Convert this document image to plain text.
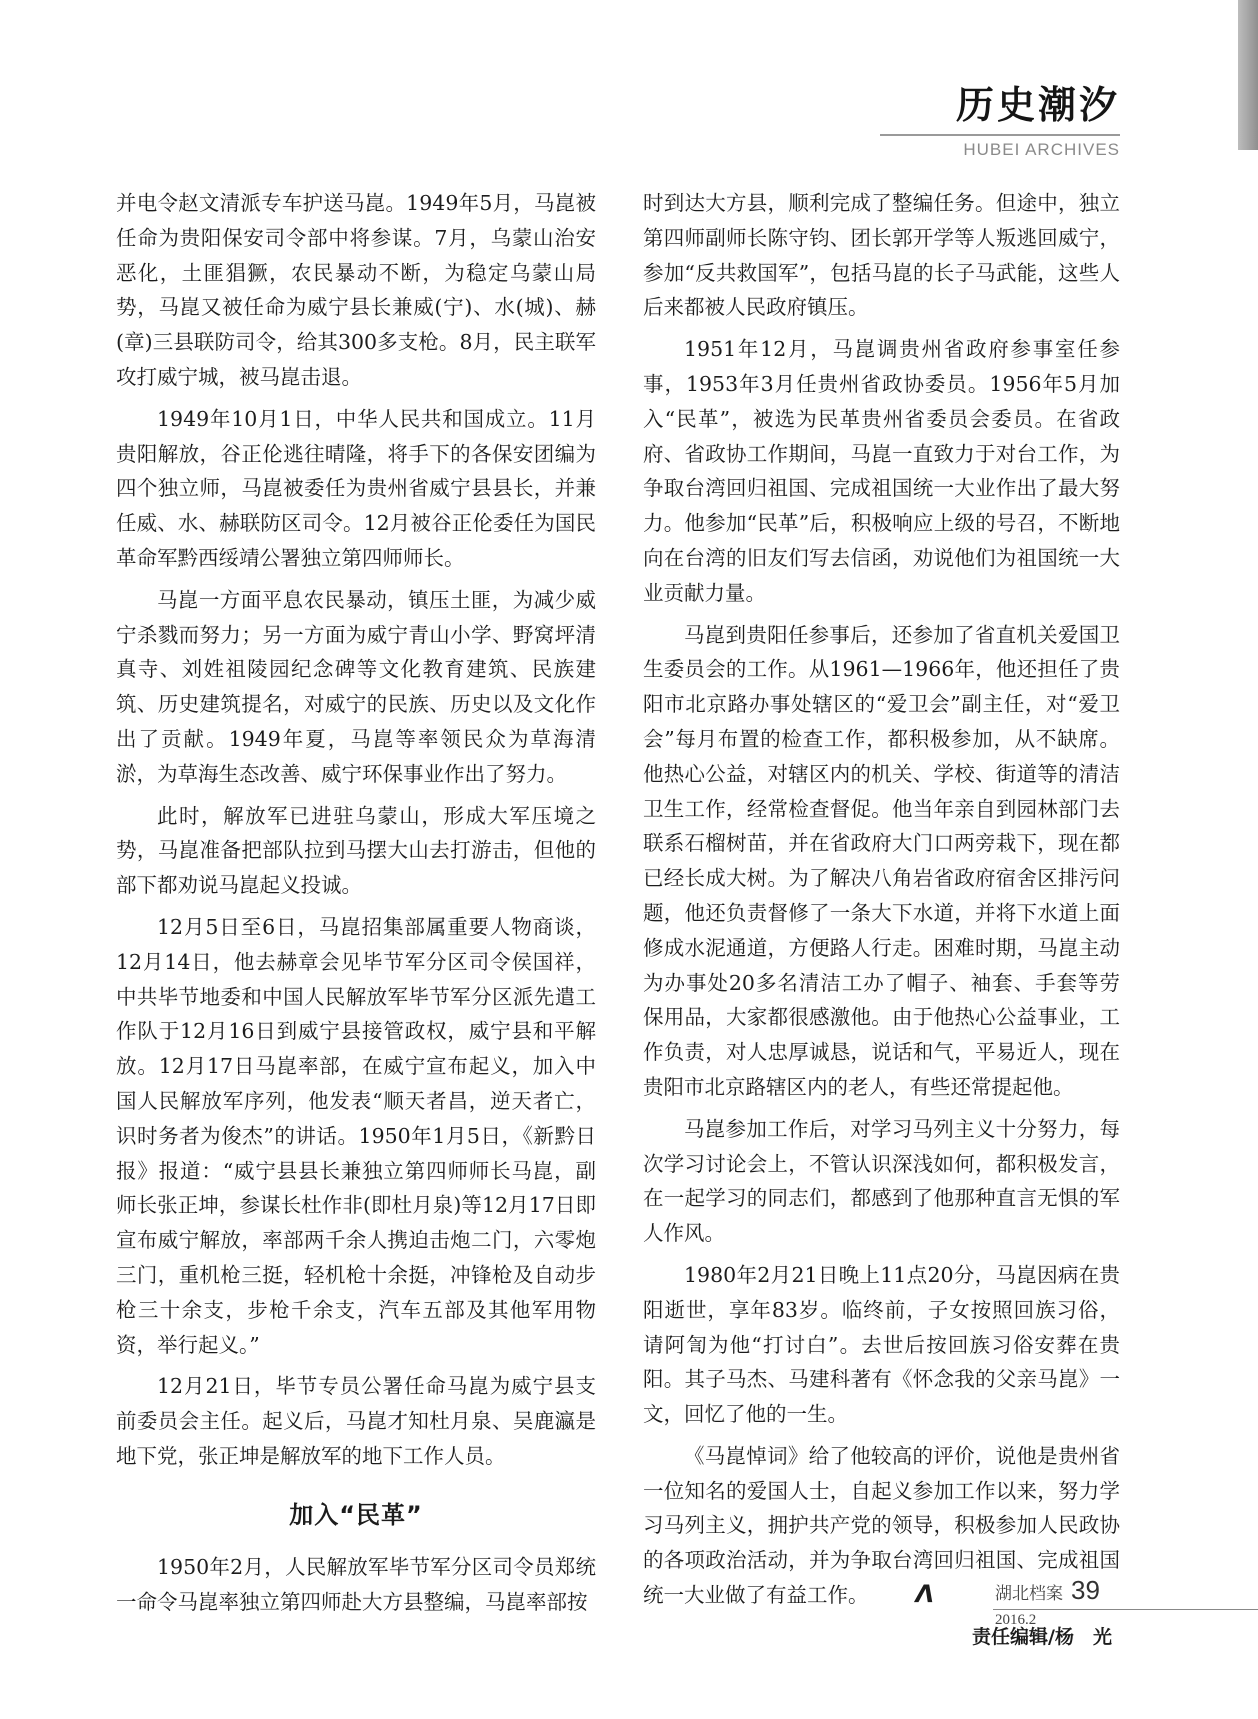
历史潮汐
HUBEI ARCHIVES

并电令赵文清派专车护送马崑。1949年5月，马崑被任命为贵阳保安司令部中将参谋。7月，乌蒙山治安恶化，土匪猖獗，农民暴动不断，为稳定乌蒙山局势，马崑又被任命为威宁县长兼威(宁)、水(城)、赫(章)三县联防司令，给其300多支枪。8月，民主联军攻打威宁城，被马崑击退。

1949年10月1日，中华人民共和国成立。11月贵阳解放，谷正伦逃往晴隆，将手下的各保安团编为四个独立师，马崑被委任为贵州省威宁县县长，并兼任威、水、赫联防区司令。12月被谷正伦委任为国民革命军黔西绥靖公署独立第四师师长。

马崑一方面平息农民暴动，镇压土匪，为减少威宁杀戮而努力；另一方面为威宁青山小学、野窝坪清真寺、刘姓祖陵园纪念碑等文化教育建筑、民族建筑、历史建筑提名，对威宁的民族、历史以及文化作出了贡献。1949年夏，马崑等率领民众为草海清淤，为草海生态改善、威宁环保事业作出了努力。

此时，解放军已进驻乌蒙山，形成大军压境之势，马崑准备把部队拉到马摆大山去打游击，但他的部下都劝说马崑起义投诚。

12月5日至6日，马崑招集部属重要人物商谈，12月14日，他去赫章会见毕节军分区司令侯国祥，中共毕节地委和中国人民解放军毕节军分区派先遣工作队于12月16日到威宁县接管政权，威宁县和平解放。12月17日马崑率部，在威宁宣布起义，加入中国人民解放军序列，他发表“顺天者昌，逆天者亡，识时务者为俊杰”的讲话。1950年1月5日，《新黔日报》报道：“威宁县县长兼独立第四师师长马崑，副师长张正坤，参谋长杜作非(即杜月泉)等12月17日即宣布威宁解放，率部两千余人携迫击炮二门，六零炮三门，重机枪三挺，轻机枪十余挺，冲锋枪及自动步枪三十余支，步枪千余支，汽车五部及其他军用物资，举行起义。”

12月21日，毕节专员公署任命马崑为威宁县支前委员会主任。起义后，马崑才知杜月泉、吴鹿瀛是地下党，张正坤是解放军的地下工作人员。

加入“民革”

1950年2月，人民解放军毕节军分区司令员郑统一命令马崑率独立第四师赴大方县整编，马崑率部按

时到达大方县，顺利完成了整编任务。但途中，独立第四师副师长陈守钧、团长郭开学等人叛逃回威宁，参加“反共救国军”，包括马崑的长子马武能，这些人后来都被人民政府镇压。

1951年12月，马崑调贵州省政府参事室任参事，1953年3月任贵州省政协委员。1956年5月加入“民革”，被选为民革贵州省委员会委员。在省政府、省政协工作期间，马崑一直致力于对台工作，为争取台湾回归祖国、完成祖国统一大业作出了最大努力。他参加“民革”后，积极响应上级的号召，不断地向在台湾的旧友们写去信函，劝说他们为祖国统一大业贡献力量。

马崑到贵阳任参事后，还参加了省直机关爱国卫生委员会的工作。从1961—1966年，他还担任了贵阳市北京路办事处辖区的“爱卫会”副主任，对“爱卫会”每月布置的检查工作，都积极参加，从不缺席。他热心公益，对辖区内的机关、学校、街道等的清洁卫生工作，经常检查督促。他当年亲自到园林部门去联系石榴树苗，并在省政府大门口两旁栽下，现在都已经长成大树。为了解决八角岩省政府宿舍区排污问题，他还负责督修了一条大下水道，并将下水道上面修成水泥通道，方便路人行走。困难时期，马崑主动为办事处20多名清洁工办了帽子、袖套、手套等劳保用品，大家都很感激他。由于他热心公益事业，工作负责，对人忠厚诚恳，说话和气，平易近人，现在贵阳市北京路辖区内的老人，有些还常提起他。

马崑参加工作后，对学习马列主义十分努力，每次学习讨论会上，不管认识深浅如何，都积极发言，在一起学习的同志们，都感到了他那种直言无惧的军人作风。

1980年2月21日晚上11点20分，马崑因病在贵阳逝世，享年83岁。临终前，子女按照回族习俗，请阿訇为他“打讨白”。去世后按回族习俗安葬在贵阳。其子马杰、马建科著有《怀念我的父亲马崑》一文，回忆了他的一生。

《马崑悼词》给了他较高的评价，说他是贵州省一位知名的爱国人士，自起义参加工作以来，努力学习马列主义，拥护共产党的领导，积极参加人民政协的各项政治活动，并为争取台湾回归祖国、完成祖国统一大业做了有益工作。 Λ

责任编辑/杨　光
湖北档案 39
2016.2
